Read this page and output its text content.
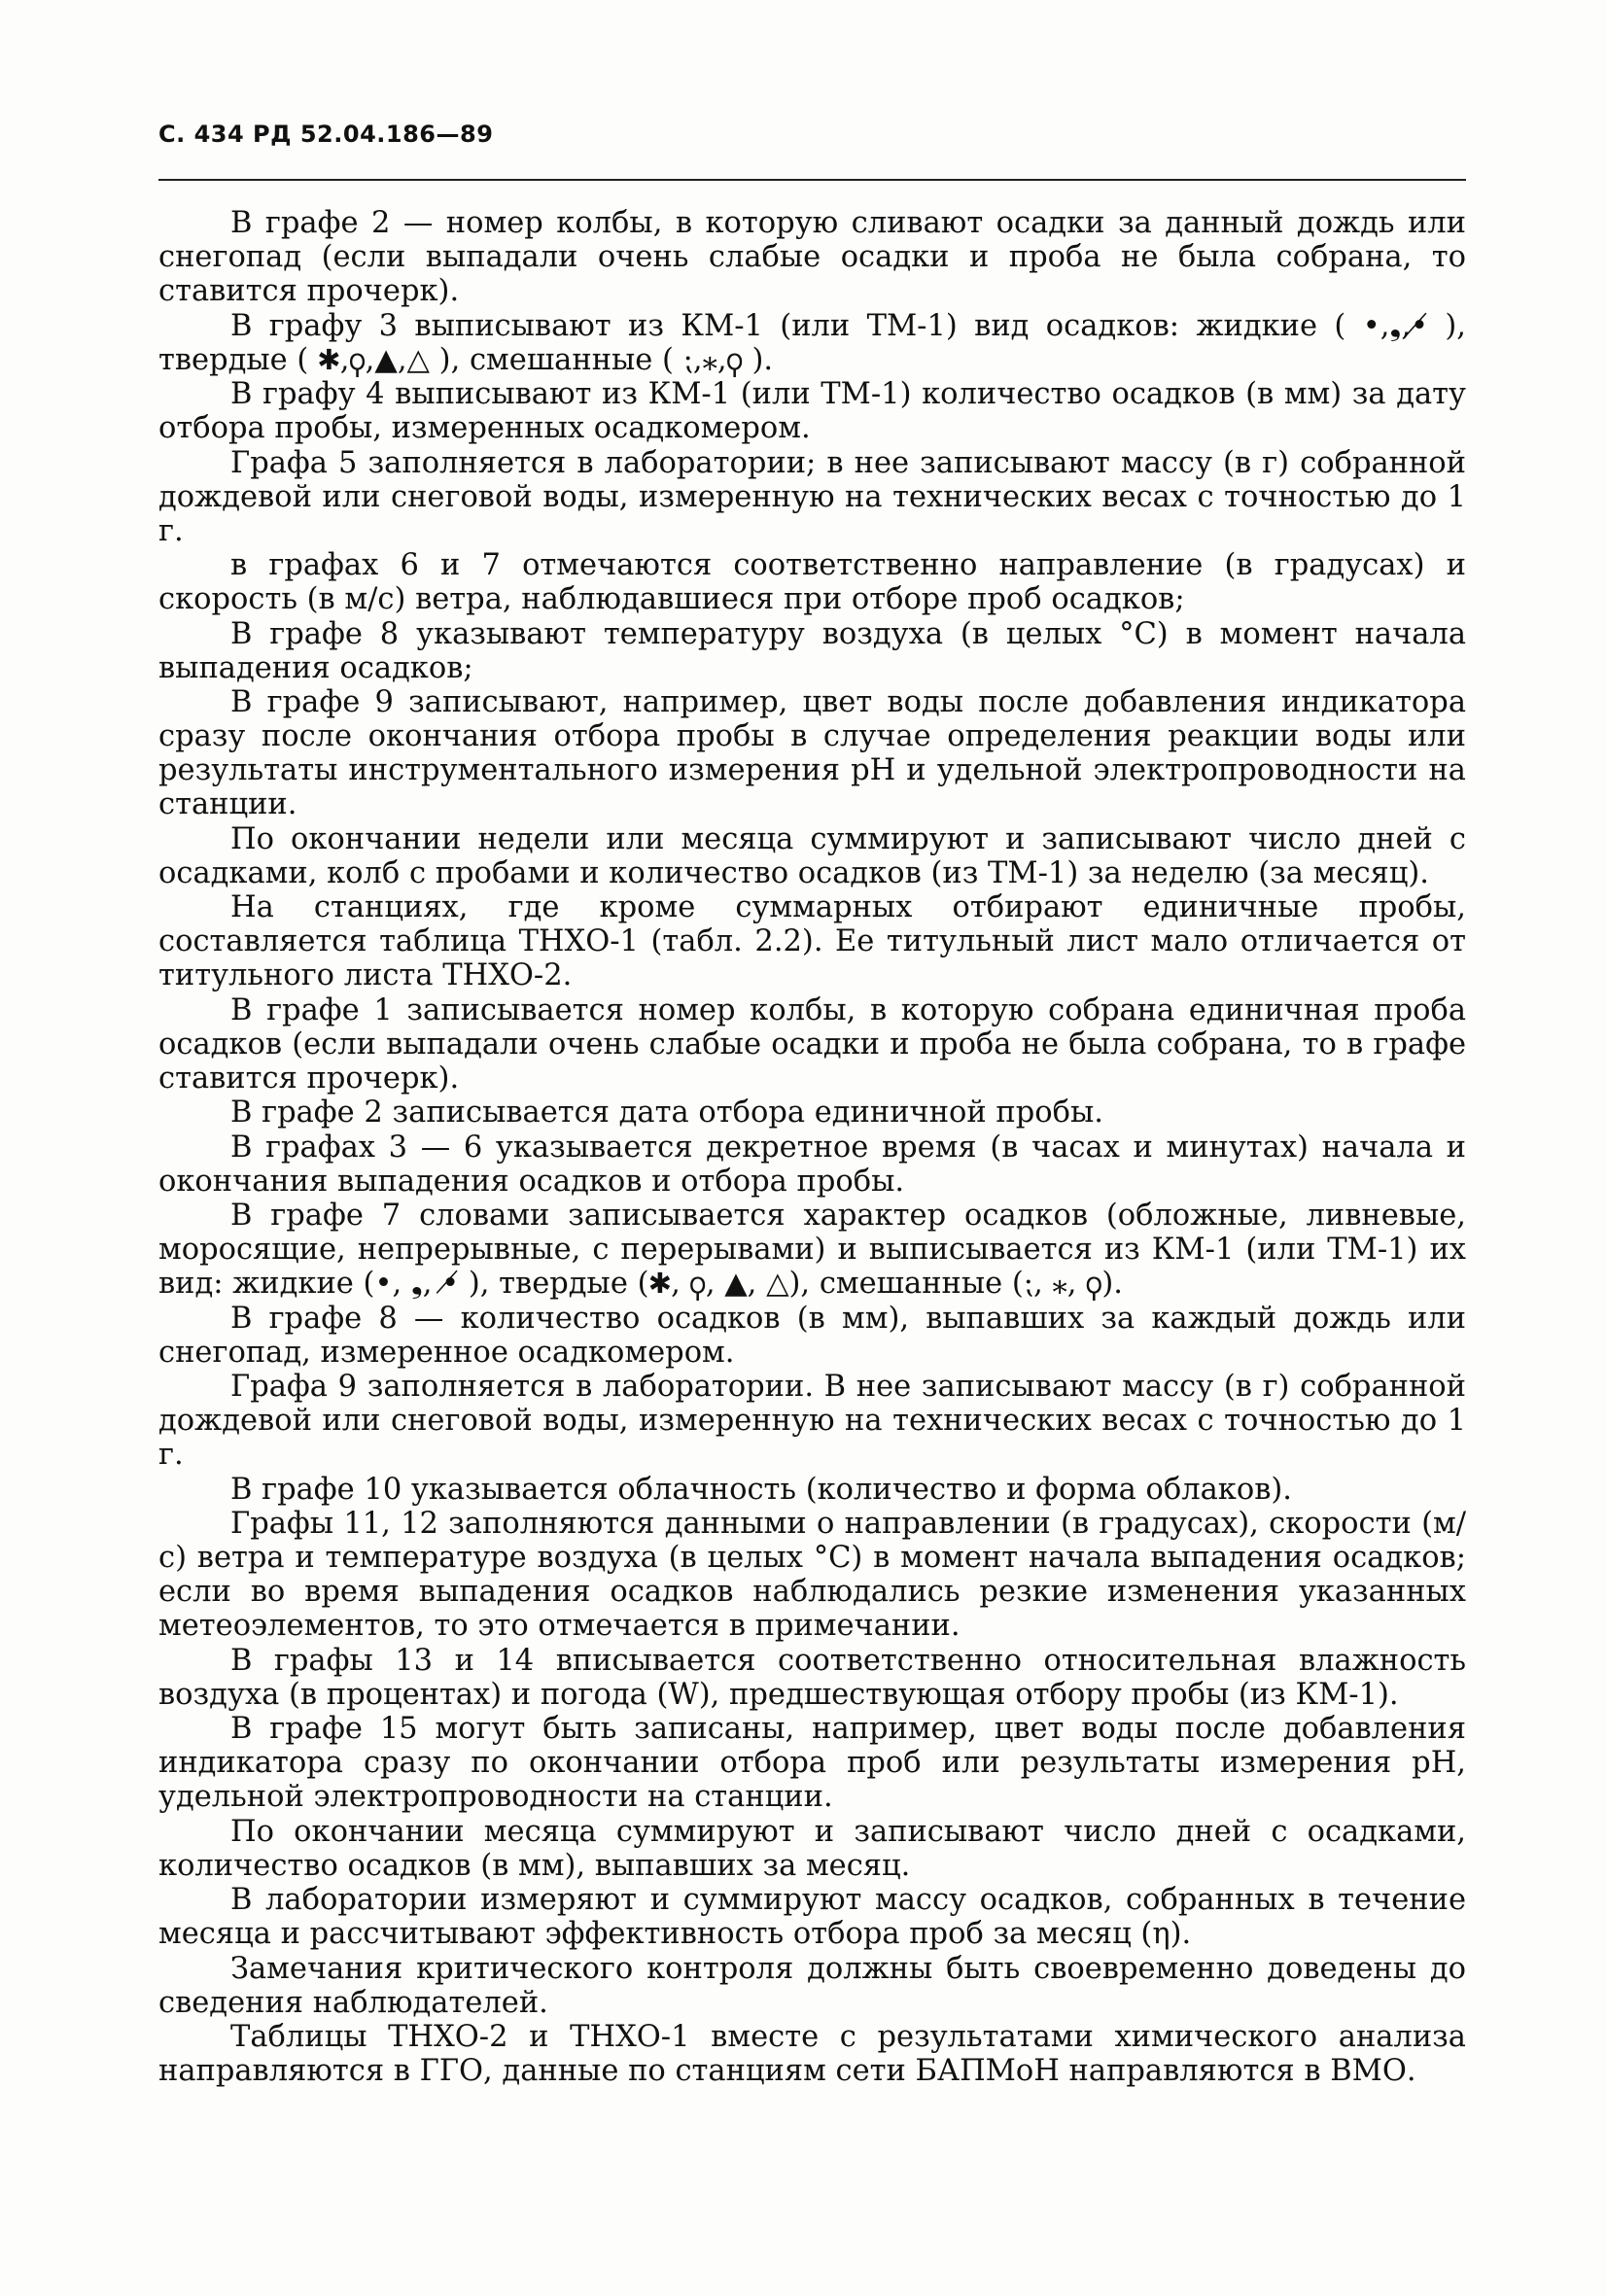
С. 434 РД 52.04.186—89

В графе 2 — номер колбы, в которую сливают осадки за данный дождь или снегопад (если выпадали очень слабые осадки и проба не была собрана, то ставится прочерк).

В графу 3 выписывают из КМ-1 (или ТМ-1) вид осадков: жидкие ( •,❟,•̸ ), твердые ( ✱,⚲,▲,△ ), смешанные ( ⁏,⁎,⚲ ).

В графу 4 выписывают из КМ-1 (или ТМ-1) количество осадков (в мм) за дату отбора пробы, измеренных осадкомером.

Графа 5 заполняется в лаборатории; в нее записывают массу (в г) собранной дождевой или снеговой воды, измеренную на технических весах с точностью до 1 г.

в графах 6 и 7 отмечаются соответственно направление (в градусах) и скорость (в м/с) ветра, наблюдавшиеся при отборе проб осадков;

В графе 8 указывают температуру воздуха (в целых °С) в момент начала выпадения осадков;

В графе 9 записывают, например, цвет воды после добавления индикатора сразу после окончания отбора пробы в случае определения реакции воды или результаты инструментального измерения рН и удельной электропроводности на станции.

По окончании недели или месяца суммируют и записывают число дней с осадками, колб с пробами и количество осадков (из ТМ-1) за неделю (за месяц).

На станциях, где кроме суммарных отбирают единичные пробы, составляется таблица ТНХО-1 (табл. 2.2). Ее титульный лист мало отличается от титульного листа ТНХО-2.

В графе 1 записывается номер колбы, в которую собрана единичная проба осадков (если выпадали очень слабые осадки и проба не была собрана, то в графе ставится прочерк).

В графе 2 записывается дата отбора единичной пробы.

В графах 3 — 6 указывается декретное время (в часах и минутах) начала и окончания выпадения осадков и отбора пробы.

В графе 7 словами записывается характер осадков (обложные, ливневые, моросящие, непрерывные, с перерывами) и выписывается из КМ-1 (или ТМ-1) их вид: жидкие (•, ❟, •̸ ), твердые (✱, ⚲, ▲, △), смешанные (⁏, ⁎, ⚲).

В графе 8 — количество осадков (в мм), выпавших за каждый дождь или снегопад, измеренное осадкомером.

Графа 9 заполняется в лаборатории. В нее записывают массу (в г) собранной дождевой или снеговой воды, измеренную на технических весах с точностью до 1 г.

В графе 10 указывается облачность (количество и форма облаков).

Графы 11, 12 заполняются данными о направлении (в градусах), скорости (м/с) ветра и температуре воздуха (в целых °С) в момент начала выпадения осадков; если во время выпадения осадков наблюдались резкие изменения указанных метеоэлементов, то это отмечается в примечании.

В графы 13 и 14 вписывается соответственно относительная влажность воздуха (в процентах) и погода (W), предшествующая отбору пробы (из КМ-1).

В графе 15 могут быть записаны, например, цвет воды после добавления индикатора сразу по окончании отбора проб или результаты измерения рН, удельной электропроводности на станции.

По окончании месяца суммируют и записывают число дней с осадками, количество осадков (в мм), выпавших за месяц.

В лаборатории измеряют и суммируют массу осадков, собранных в течение месяца и рассчитывают эффективность отбора проб за месяц (η).

Замечания критического контроля должны быть своевременно доведены до сведения наблюдателей.

Таблицы ТНХО-2 и ТНХО-1 вместе с результатами химического анализа направляются в ГГО, данные по станциям сети БАПМоН направляются в ВМО.
